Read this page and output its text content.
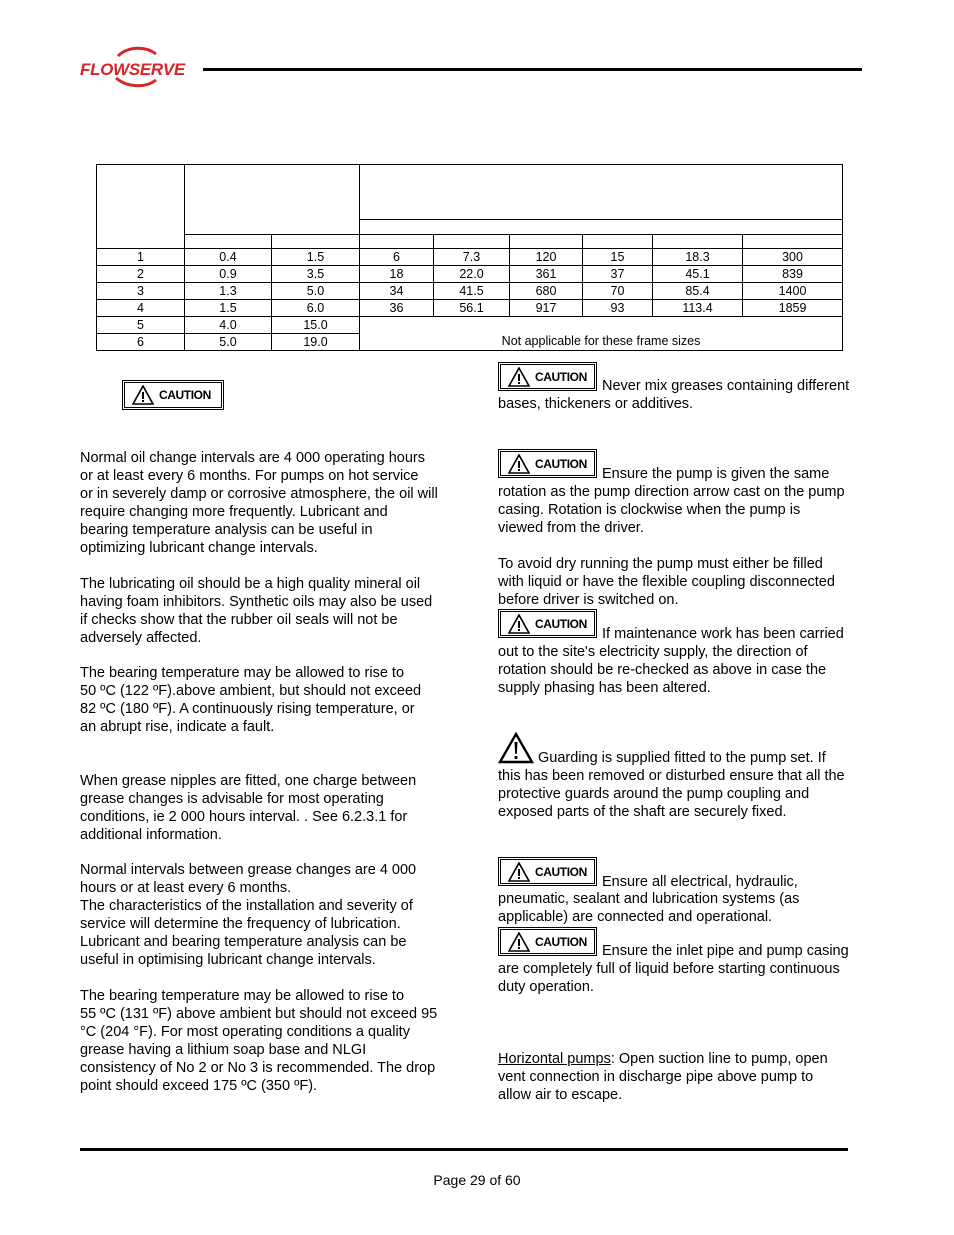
FLOWSERVE

1	0.4	1.5	6	7.3	120	15	18.3	300
2	0.9	3.5	18	22.0	361	37	45.1	839
3	1.3	5.0	34	41.5	680	70	85.4	1400
4	1.5	6.0	36	56.1	917	93	113.4	1859
5	4.0	15.0	Not applicable for these frame sizes					
6	5.0	19.0						
CAUTION
Normal oil change intervals are 4 000 operating hours
or at least every 6 months. For pumps on hot service
or in severely damp or corrosive atmosphere, the oil will
require changing more frequently. Lubricant and
bearing temperature analysis can be useful in
optimizing lubricant change intervals.
The lubricating oil should be a high quality mineral oil
having foam inhibitors. Synthetic oils may also be used
if checks show that the rubber oil seals will not be
adversely affected.
The bearing temperature may be allowed to rise to
50 ºC (122 ºF).above ambient, but should not exceed
82 ºC (180 ºF). A continuously rising temperature, or
an abrupt rise, indicate a fault.
When grease nipples are fitted, one charge between
grease changes is advisable for most operating
conditions, ie 2 000 hours interval. . See 6.2.3.1 for
additional information.
Normal intervals between grease changes are 4 000
hours or at least every 6 months.
The characteristics of the installation and severity of
service will determine the frequency of lubrication.
Lubricant and bearing temperature analysis can be
useful in optimising lubricant change intervals.
The bearing temperature may be allowed to rise to
55 ºC (131 ºF) above ambient but should not exceed 95
°C (204 °F). For most operating conditions a quality
grease having a lithium soap base and NLGI
consistency of No 2 or No 3 is recommended. The drop
point should exceed 175 ºC (350 ºF).
CAUTION
Never mix greases containing different
bases, thickeners or additives.
CAUTION
Ensure the pump is given the same
rotation as the pump direction arrow cast on the pump
casing. Rotation is clockwise when the pump is
viewed from the driver.
To avoid dry running the pump must either be filled
with liquid or have the flexible coupling disconnected
before driver is switched on.
CAUTION
If maintenance work has been carried
out to the site's electricity supply, the direction of
rotation should be re-checked as above in case the
supply phasing has been altered.
Guarding is supplied fitted to the pump set. If
this has been removed or disturbed ensure that all the
protective guards around the pump coupling and
exposed parts of the shaft are securely fixed.
CAUTION
Ensure all electrical, hydraulic,
pneumatic, sealant and lubrication systems (as
applicable) are connected and operational.
CAUTION
Ensure the inlet pipe and pump casing
are completely full of liquid before starting continuous
duty operation.
Horizontal pumps: Open suction line to pump, open
vent connection in discharge pipe above pump to
allow air to escape.
Page 29 of 60
